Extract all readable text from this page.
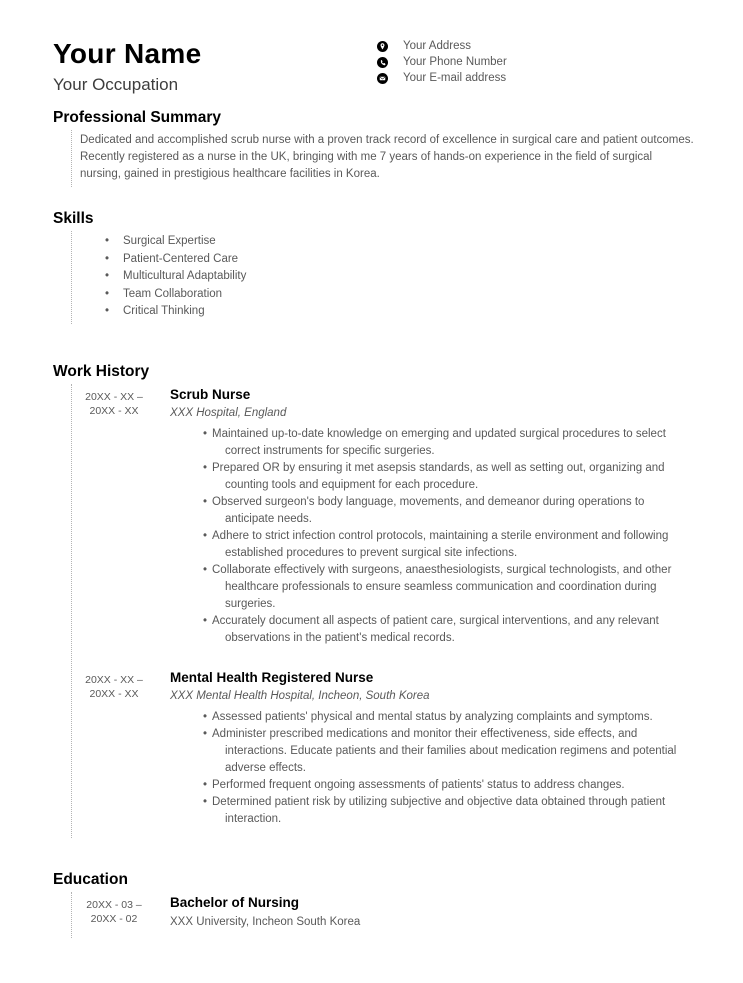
Your Name
Your Occupation
Your Address
Your Phone Number
Your E-mail address
Professional Summary

Dedicated and accomplished scrub nurse with a proven track record of excellence in surgical care and patient outcomes. Recently registered as a nurse in the UK, bringing with me 7 years of hands-on experience in the field of surgical nursing, gained in prestigious healthcare facilities in Korea.

Skills
• Surgical Expertise
• Patient-Centered Care
• Multicultural Adaptability
• Team Collaboration
• Critical Thinking
Work History
20XX - XX –
20XX - XX
Scrub Nurse
XXX Hospital, England
• Maintained up-to-date knowledge on emerging and updated surgical procedures to select correct instruments for specific surgeries.
• Prepared OR by ensuring it met asepsis standards, as well as setting out, organizing and counting tools and equipment for each procedure.
• Observed surgeon's body language, movements, and demeanor during operations to anticipate needs.
• Adhere to strict infection control protocols, maintaining a sterile environment and following established procedures to prevent surgical site infections.
• Collaborate effectively with surgeons, anaesthesiologists, surgical technologists, and other healthcare professionals to ensure seamless communication and coordination during surgeries.
• Accurately document all aspects of patient care, surgical interventions, and any relevant observations in the patient's medical records.
20XX - XX –
20XX - XX
Mental Health Registered Nurse
XXX Mental Health Hospital, Incheon, South Korea
• Assessed patients' physical and mental status by analyzing complaints and symptoms.
• Administer prescribed medications and monitor their effectiveness, side effects, and interactions. Educate patients and their families about medication regimens and potential adverse effects.
• Performed frequent ongoing assessments of patients' status to address changes.
• Determined patient risk by utilizing subjective and objective data obtained through patient interaction.
Education
20XX - 03 –
20XX - 02
Bachelor of Nursing
XXX University, Incheon South Korea
